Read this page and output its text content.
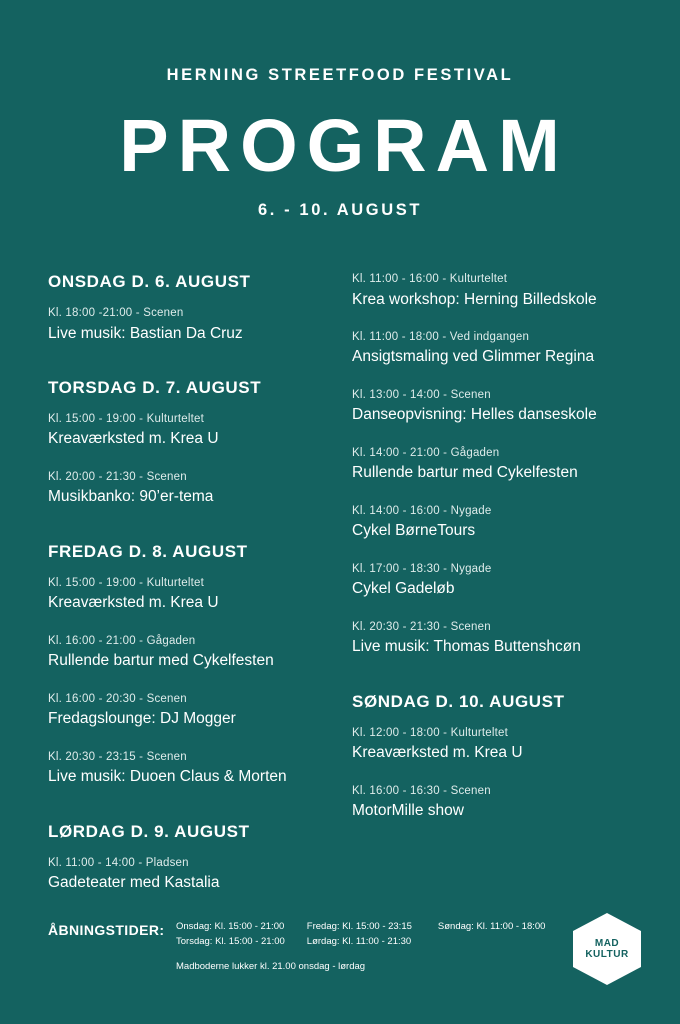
HERNING STREETFOOD FESTIVAL
PROGRAM
6. - 10. AUGUST
ONSDAG D. 6. AUGUST
Kl. 18:00 -21:00 - Scenen
Live musik: Bastian Da Cruz
TORSDAG D. 7. AUGUST
Kl. 15:00 - 19:00 - Kulturteltet
Kreaværksted m. Krea U
Kl. 20:00 - 21:30 - Scenen
Musikbanko: 90’er-tema
FREDAG D. 8. AUGUST
Kl. 15:00 - 19:00 - Kulturteltet
Kreaværksted m. Krea U
Kl. 16:00 - 21:00 - Gågaden
Rullende bartur med Cykelfesten
Kl. 16:00 - 20:30 - Scenen
Fredagslounge: DJ Mogger
Kl. 20:30 - 23:15 - Scenen
Live musik: Duoen Claus & Morten
LØRDAG D. 9. AUGUST
Kl. 11:00 - 14:00 - Pladsen
Gadeteater med Kastalia
Kl. 11:00 - 16:00 - Kulturteltet
Krea workshop: Herning Billedskole
Kl. 11:00 - 18:00 - Ved indgangen
Ansigtsmaling ved Glimmer Regina
Kl. 13:00 - 14:00 - Scenen
Danseopvisning: Helles danseskole
Kl. 14:00 - 21:00 - Gågaden
Rullende bartur med Cykelfesten
Kl. 14:00 - 16:00 - Nygade
Cykel BørneTours
Kl. 17:00 - 18:30 - Nygade
Cykel Gadeløb
Kl. 20:30 - 21:30 - Scenen
Live musik: Thomas Buttenshcøn
SØNDAG D. 10. AUGUST
Kl. 12:00 - 18:00 - Kulturteltet
Kreaværksted m. Krea U
Kl. 16:00 - 16:30 - Scenen
MotorMille show
ÅBNINGSTIDER: Onsdag: Kl. 15:00 - 21:00
Torsdag: Kl. 15:00 - 21:00
Fredag: Kl. 15:00 - 23:15
Lørdag: Kl. 11:00 - 21:30
Søndag: Kl. 11:00 - 18:00
Madboderne lukker kl. 21.00 onsdag - lørdag
MAD
KULTUR
